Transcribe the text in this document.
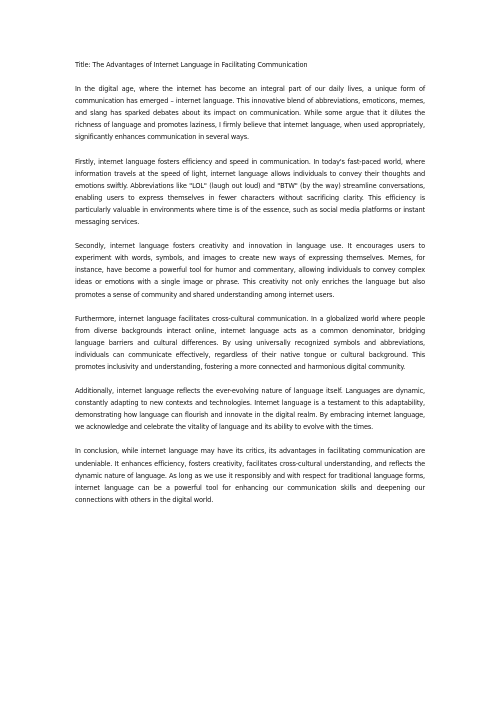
Title: The Advantages of Internet Language in Facilitating Communication

In the digital age, where the internet has become an integral part of our daily lives, a unique form of communication has emerged – internet language. This innovative blend of abbreviations, emoticons, memes, and slang has sparked debates about its impact on communication. While some argue that it dilutes the richness of language and promotes laziness, I firmly believe that internet language, when used appropriately, significantly enhances communication in several ways.

Firstly, internet language fosters efficiency and speed in communication. In today's fast-paced world, where information travels at the speed of light, internet language allows individuals to convey their thoughts and emotions swiftly. Abbreviations like "LOL" (laugh out loud) and "BTW" (by the way) streamline conversations, enabling users to express themselves in fewer characters without sacrificing clarity. This efficiency is particularly valuable in environments where time is of the essence, such as social media platforms or instant messaging services.

Secondly, internet language fosters creativity and innovation in language use. It encourages users to experiment with words, symbols, and images to create new ways of expressing themselves. Memes, for instance, have become a powerful tool for humor and commentary, allowing individuals to convey complex ideas or emotions with a single image or phrase. This creativity not only enriches the language but also promotes a sense of community and shared understanding among internet users.

Furthermore, internet language facilitates cross-cultural communication. In a globalized world where people from diverse backgrounds interact online, internet language acts as a common denominator, bridging language barriers and cultural differences. By using universally recognized symbols and abbreviations, individuals can communicate effectively, regardless of their native tongue or cultural background. This promotes inclusivity and understanding, fostering a more connected and harmonious digital community.

Additionally, internet language reflects the ever-evolving nature of language itself. Languages are dynamic, constantly adapting to new contexts and technologies. Internet language is a testament to this adaptability, demonstrating how language can flourish and innovate in the digital realm. By embracing internet language, we acknowledge and celebrate the vitality of language and its ability to evolve with the times.

In conclusion, while internet language may have its critics, its advantages in facilitating communication are undeniable. It enhances efficiency, fosters creativity, facilitates cross-cultural understanding, and reflects the dynamic nature of language. As long as we use it responsibly and with respect for traditional language forms, internet language can be a powerful tool for enhancing our communication skills and deepening our connections with others in the digital world.
